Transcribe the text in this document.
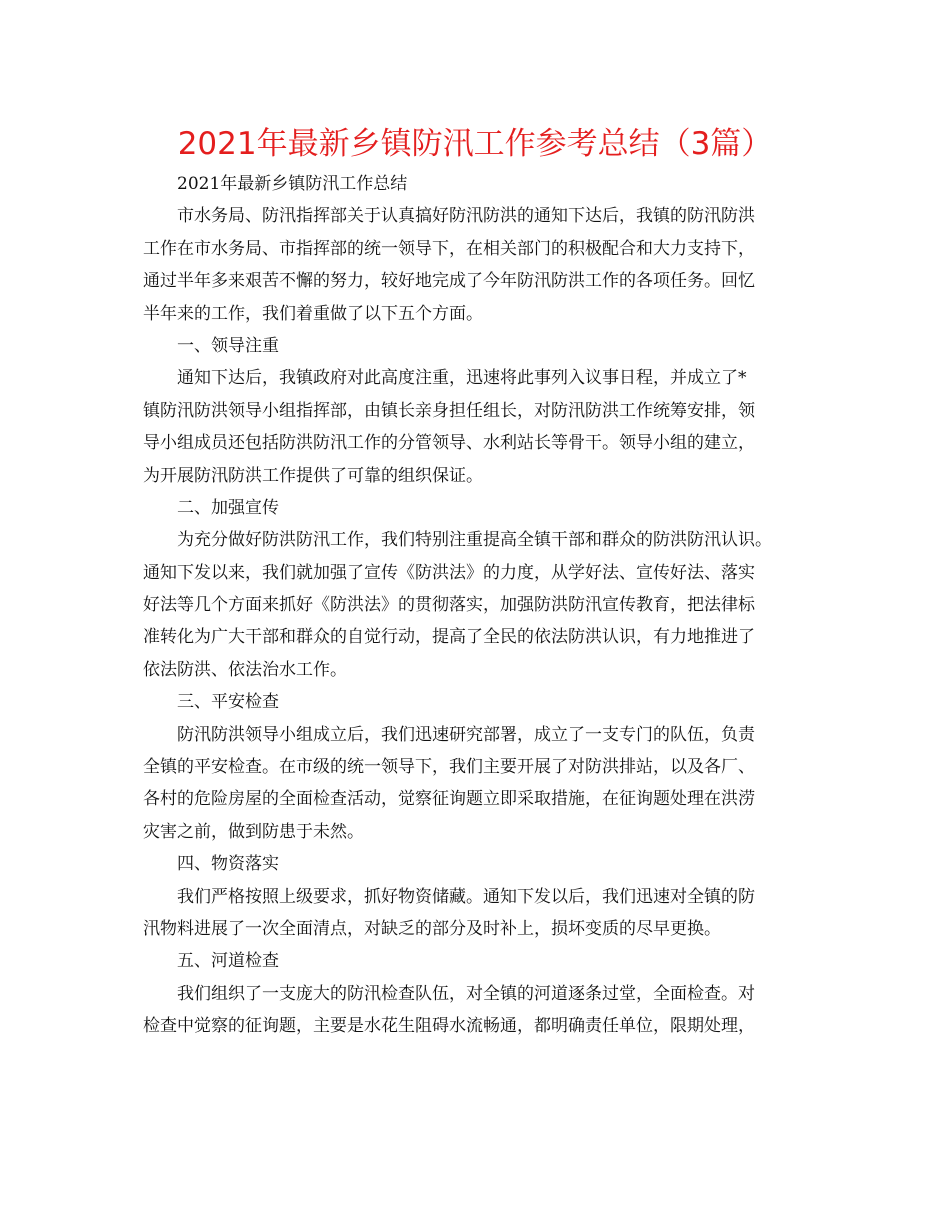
2021年最新乡镇防汛工作参考总结（3篇）
2021年最新乡镇防汛工作总结
市水务局、防汛指挥部关于认真搞好防汛防洪的通知下达后，我镇的防汛防洪
工作在市水务局、市指挥部的统一领导下，在相关部门的积极配合和大力支持下，
通过半年多来艰苦不懈的努力，较好地完成了今年防汛防洪工作的各项任务。回忆
半年来的工作，我们着重做了以下五个方面。
一、领导注重
通知下达后，我镇政府对此高度注重，迅速将此事列入议事日程，并成立了*
镇防汛防洪领导小组指挥部，由镇长亲身担任组长，对防汛防洪工作统筹安排，领
导小组成员还包括防洪防汛工作的分管领导、水利站长等骨干。领导小组的建立，
为开展防汛防洪工作提供了可靠的组织保证。
二、加强宣传
为充分做好防洪防汛工作，我们特别注重提高全镇干部和群众的防洪防汛认识。
通知下发以来，我们就加强了宣传《防洪法》的力度，从学好法、宣传好法、落实
好法等几个方面来抓好《防洪法》的贯彻落实，加强防洪防汛宣传教育，把法律标
准转化为广大干部和群众的自觉行动，提高了全民的依法防洪认识，有力地推进了
依法防洪、依法治水工作。
三、平安检查
防汛防洪领导小组成立后，我们迅速研究部署，成立了一支专门的队伍，负责
全镇的平安检查。在市级的统一领导下，我们主要开展了对防洪排站，以及各厂、
各村的危险房屋的全面检查活动，觉察征询题立即采取措施，在征询题处理在洪涝
灾害之前，做到防患于未然。
四、物资落实
我们严格按照上级要求，抓好物资储藏。通知下发以后，我们迅速对全镇的防
汛物料进展了一次全面清点，对缺乏的部分及时补上，损坏变质的尽早更换。
五、河道检查
我们组织了一支庞大的防汛检查队伍，对全镇的河道逐条过堂，全面检查。对
检查中觉察的征询题，主要是水花生阻碍水流畅通，都明确责任单位，限期处理，
